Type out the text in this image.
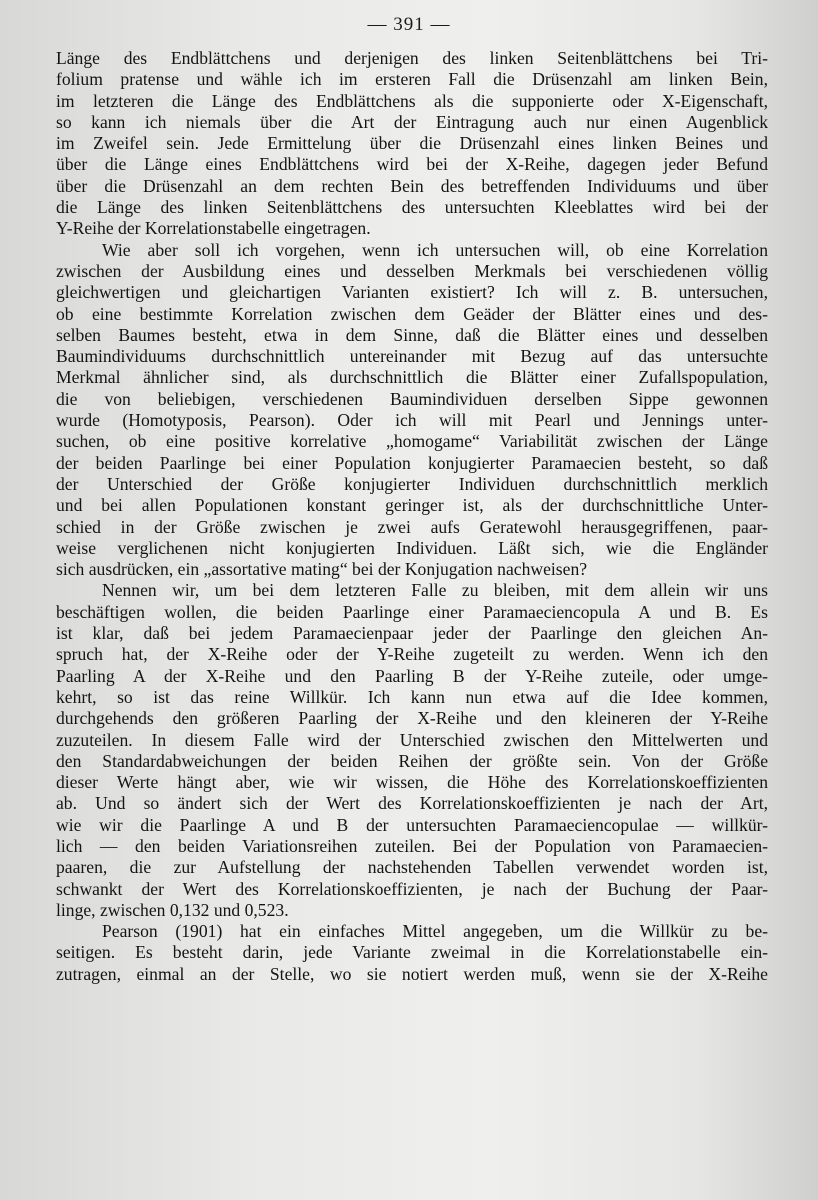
— 391 —
Länge des Endblättchens und derjenigen des linken Seitenblättchens bei Tri-
folium pratense und wähle ich im ersteren Fall die Drüsenzahl am linken Bein,
im letzteren die Länge des Endblättchens als die supponierte oder X-Eigenschaft,
so kann ich niemals über die Art der Eintragung auch nur einen Augenblick
im Zweifel sein. Jede Ermittelung über die Drüsenzahl eines linken Beines und
über die Länge eines Endblättchens wird bei der X-Reihe, dagegen jeder Befund
über die Drüsenzahl an dem rechten Bein des betreffenden Individuums und über
die Länge des linken Seitenblättchens des untersuchten Kleeblattes wird bei der
Y-Reihe der Korrelationstabelle eingetragen.
Wie aber soll ich vorgehen, wenn ich untersuchen will, ob eine Korrelation
zwischen der Ausbildung eines und desselben Merkmals bei verschiedenen völlig
gleichwertigen und gleichartigen Varianten existiert? Ich will z. B. untersuchen,
ob eine bestimmte Korrelation zwischen dem Geäder der Blätter eines und des-
selben Baumes besteht, etwa in dem Sinne, daß die Blätter eines und desselben
Baumindividuums durchschnittlich untereinander mit Bezug auf das untersuchte
Merkmal ähnlicher sind, als durchschnittlich die Blätter einer Zufallspopulation,
die von beliebigen, verschiedenen Baumindividuen derselben Sippe gewonnen
wurde (Homotyposis, Pearson). Oder ich will mit Pearl und Jennings unter-
suchen, ob eine positive korrelative „homogame“ Variabilität zwischen der Länge
der beiden Paarlinge bei einer Population konjugierter Paramaecien besteht, so daß
der Unterschied der Größe konjugierter Individuen durchschnittlich merklich
und bei allen Populationen konstant geringer ist, als der durchschnittliche Unter-
schied in der Größe zwischen je zwei aufs Geratewohl herausgegriffenen, paar-
weise verglichenen nicht konjugierten Individuen. Läßt sich, wie die Engländer
sich ausdrücken, ein „assortative mating“ bei der Konjugation nachweisen?
Nennen wir, um bei dem letzteren Falle zu bleiben, mit dem allein wir uns
beschäftigen wollen, die beiden Paarlinge einer Paramaeciencopula A und B. Es
ist klar, daß bei jedem Paramaecienpaar jeder der Paarlinge den gleichen An-
spruch hat, der X-Reihe oder der Y-Reihe zugeteilt zu werden. Wenn ich den
Paarling A der X-Reihe und den Paarling B der Y-Reihe zuteile, oder umge-
kehrt, so ist das reine Willkür. Ich kann nun etwa auf die Idee kommen,
durchgehends den größeren Paarling der X-Reihe und den kleineren der Y-Reihe
zuzuteilen. In diesem Falle wird der Unterschied zwischen den Mittelwerten und
den Standardabweichungen der beiden Reihen der größte sein. Von der Größe
dieser Werte hängt aber, wie wir wissen, die Höhe des Korrelationskoeffizienten
ab. Und so ändert sich der Wert des Korrelationskoeffizienten je nach der Art,
wie wir die Paarlinge A und B der untersuchten Paramaeciencopulae — willkür-
lich — den beiden Variationsreihen zuteilen. Bei der Population von Paramaecien-
paaren, die zur Aufstellung der nachstehenden Tabellen verwendet worden ist,
schwankt der Wert des Korrelationskoeffizienten, je nach der Buchung der Paar-
linge, zwischen 0,132 und 0,523.
Pearson (1901) hat ein einfaches Mittel angegeben, um die Willkür zu be-
seitigen. Es besteht darin, jede Variante zweimal in die Korrelationstabelle ein-
zutragen, einmal an der Stelle, wo sie notiert werden muß, wenn sie der X-Reihe
